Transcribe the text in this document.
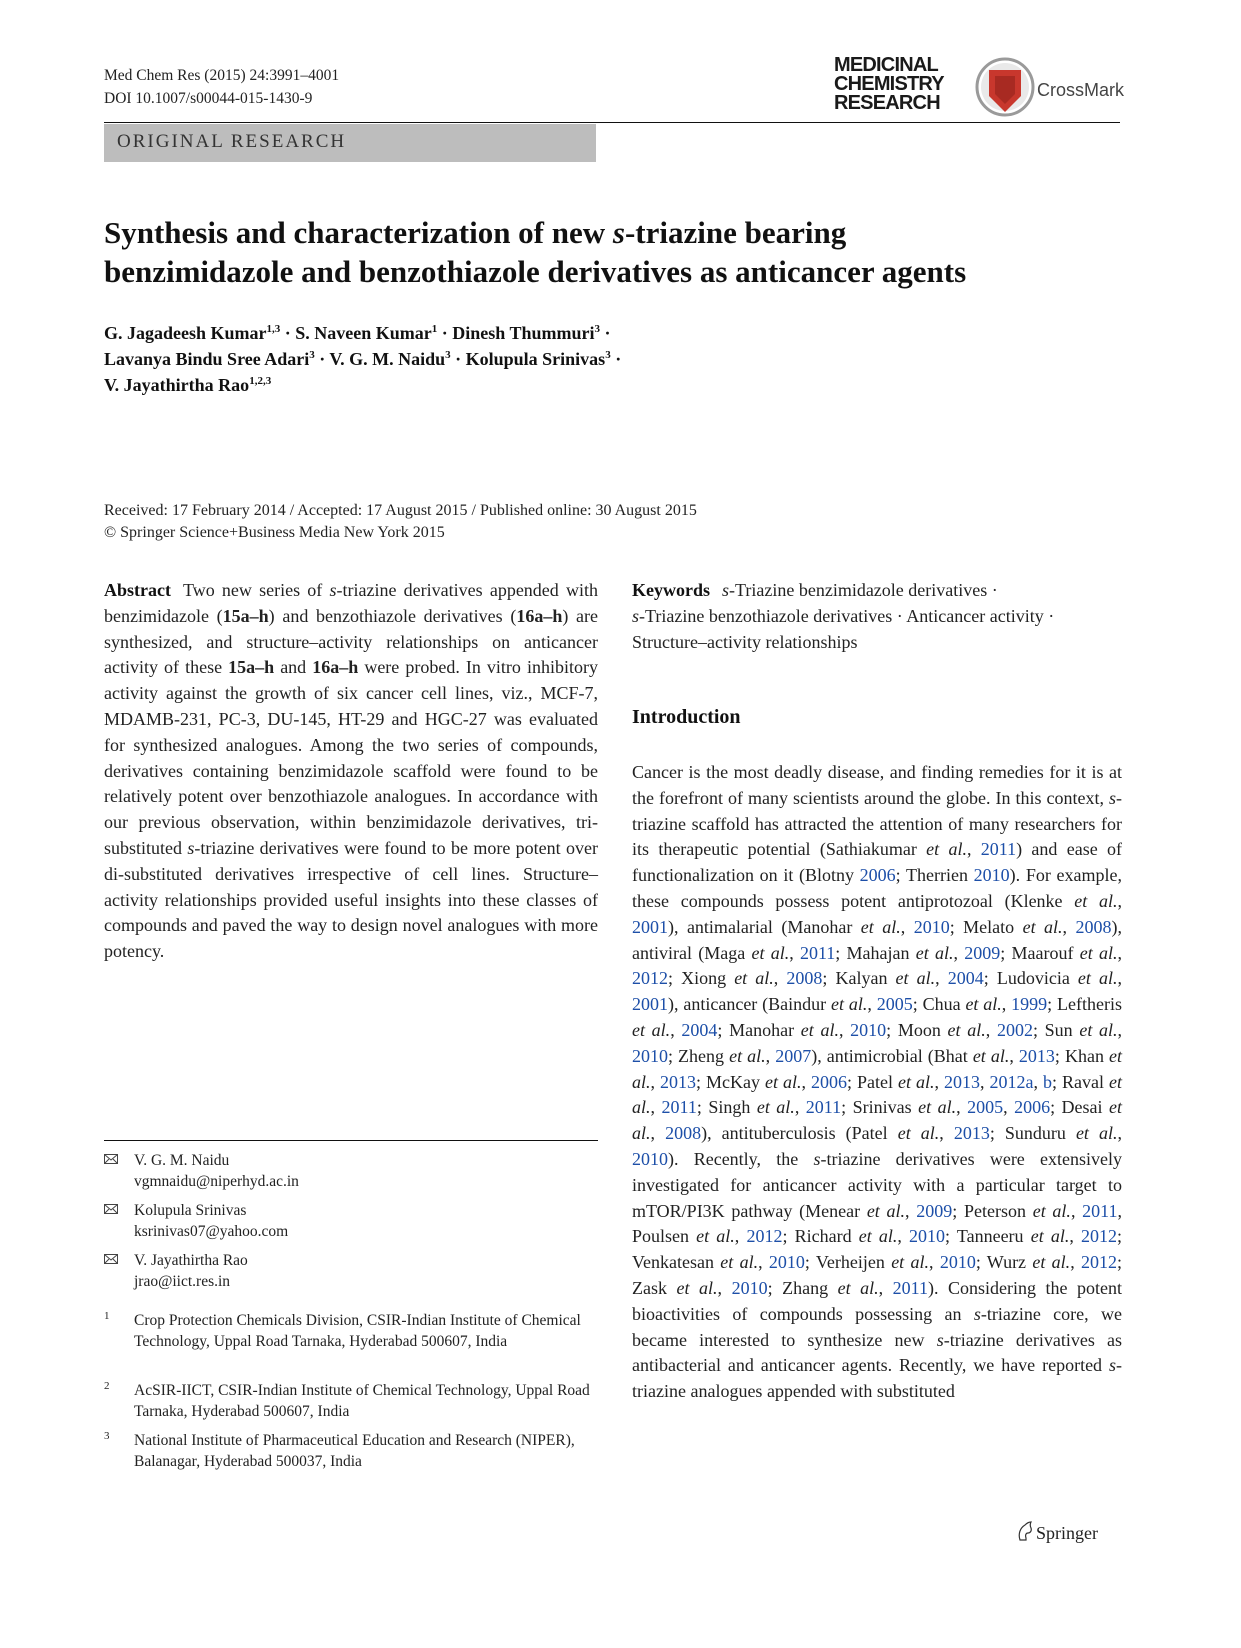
Med Chem Res (2015) 24:3991–4001
DOI 10.1007/s00044-015-1430-9
MEDICINAL
CHEMISTRY
RESEARCH
CrossMark
ORIGINAL RESEARCH
Synthesis and characterization of new s-triazine bearing
benzimidazole and benzothiazole derivatives as anticancer agents
G. Jagadeesh Kumar$^{1,3}$ · S. Naveen Kumar$^1$ · Dinesh Thummuri$^3$ ·
Lavanya Bindu Sree Adari$^3$ · V. G. M. Naidu$^3$ · Kolupula Srinivas$^3$ ·
V. Jayathirtha Rao$^{1,2,3}$
Received: 17 February 2014 / Accepted: 17 August 2015 / Published online: 30 August 2015
© Springer Science+Business Media New York 2015
Abstract Two new series of s-triazine derivatives appended with benzimidazole (15a–h) and benzothiazole derivatives (16a–h) are synthesized, and structure–activity relationships on anticancer activity of these 15a–h and 16a–h were probed. In vitro inhibitory activity against the growth of six cancer cell lines, viz., MCF-7, MDAMB-231, PC-3, DU-145, HT-29 and HGC-27 was evaluated for synthesized analogues. Among the two series of compounds, derivatives containing benzimidazole scaffold were found to be relatively potent over benzothiazole analogues. In accordance with our previous observation, within benzimidazole derivatives, tri-substituted s-triazine derivatives were found to be more potent over di-substituted derivatives irrespective of cell lines. Structure–activity relationships provided useful insights into these classes of compounds and paved the way to design novel analogues with more potency.
Keywords s-Triazine benzimidazole derivatives ·
s-Triazine benzothiazole derivatives · Anticancer activity ·
Structure–activity relationships
Introduction
Cancer is the most deadly disease, and finding remedies for it is at the forefront of many scientists around the globe. In this context, s-triazine scaffold has attracted the attention of many researchers for its therapeutic potential (Sathiakumar et al., 2011) and ease of functionalization on it (Blotny 2006; Therrien 2010). For example, these compounds possess potent antiprotozoal (Klenke et al., 2001), antimalarial (Manohar et al., 2010; Melato et al., 2008), antiviral (Maga et al., 2011; Mahajan et al., 2009; Maarouf et al., 2012; Xiong et al., 2008; Kalyan et al., 2004; Ludovicia et al., 2001), anticancer (Baindur et al., 2005; Chua et al., 1999; Leftheris et al., 2004; Manohar et al., 2010; Moon et al., 2002; Sun et al., 2010; Zheng et al., 2007), antimicrobial (Bhat et al., 2013; Khan et al., 2013; McKay et al., 2006; Patel et al., 2013, 2012a, b; Raval et al., 2011; Singh et al., 2011; Srinivas et al., 2005, 2006; Desai et al., 2008), antituberculosis (Patel et al., 2013; Sunduru et al., 2010). Recently, the s-triazine derivatives were extensively investigated for anticancer activity with a particular target to mTOR/PI3K pathway (Menear et al., 2009; Peterson et al., 2011, Poulsen et al., 2012; Richard et al., 2010; Tanneeru et al., 2012; Venkatesan et al., 2010; Verheijen et al., 2010; Wurz et al., 2012; Zask et al., 2010; Zhang et al., 2011). Considering the potent bioactivities of compounds possessing an s-triazine core, we became interested to synthesize new s-triazine derivatives as antibacterial and anticancer agents. Recently, we have reported s-triazine analogues appended with substituted
V. G. M. Naidu
vgmnaidu@niperhyd.ac.in
Kolupula Srinivas
ksrinivas07@yahoo.com
V. Jayathirtha Rao
jrao@iict.res.in
1 Crop Protection Chemicals Division, CSIR-Indian Institute of Chemical Technology, Uppal Road Tarnaka, Hyderabad 500607, India
2 AcSIR-IICT, CSIR-Indian Institute of Chemical Technology, Uppal Road Tarnaka, Hyderabad 500607, India
3 National Institute of Pharmaceutical Education and Research (NIPER), Balanagar, Hyderabad 500037, India
Springer
